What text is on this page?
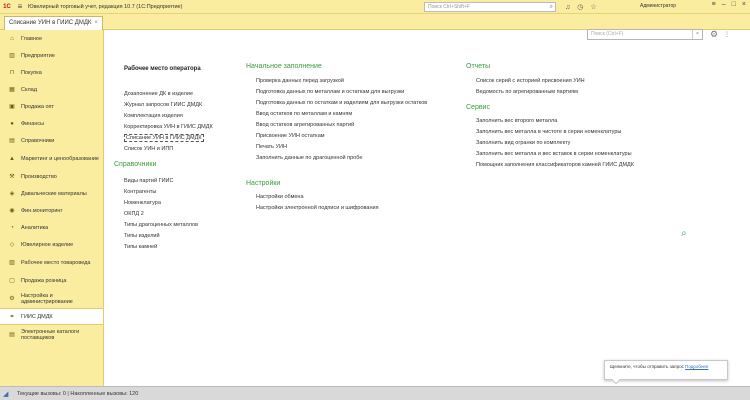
1С ≡	Ювелирный торговый учет, редакция 10.7 (1С:Предприятие)	Поиск Ctrl+Shift+F	⌕ ♫ ◷ ☆	Администратор	≡ – □ ×
Списание УИН в ГИИС ДМДК ×
⌂	Главное
▥ Предприятие
⊓	Покупка
▦ Склад
▣ Продажа опт
●	Финансы
▤ Справочники
▲ Маркетинг и ценообразование
⚒ Производство
◈	Давальческие материалы
◉ Фин.мониторинг
◔	Аналитика
◇	Ювелирное изделие
▧ Рабочее место товароведа
▢ Продажа розница
⚙
Настройка и администрирование
⚭ ГИИС ДМДК
▤
Электронные каталоги поставщиков
Поиск (Ctrl+F)	×	⚙ ⋮
Рабочее место оператора
Дозапонение ДК в изделие
Журнал запросов ГИИС ДМДК
Комплектация изделия
Корректировка УИН в ГИИС ДМДК
Списание УИН в ГИИС ДМДК
Список УИН и ИПП
Справочники
Виды партий ГИИС
Контрагенты
Номенклатура
ОКПД 2
Типы драгоценных металлов
Типы изделий
Типы камней
Начальное заполнение
Проверка данных перед загрузкой
Подготовка данных по металлам и остаткам для выгрузки
Подготовка данных по остаткам и изделиям для выгрузки остатков
Ввод остатков по металлам и камням
Ввод остатков агрегированных партий
Присвоение УИН остаткам
Печать УИН
Заполнить данные по драгоценной пробе
Настройки
Настройки обмена
Настройки электронной подписи и шифрования
Отчеты
Список серий с историей присвоения УИН
Ведомость по агрегированным партиям
Сервис
Заполнить вес второго металла
Заполнить вес металла в чистоте в серии номенклатуры
Заполнить вид огранки по комплекту
Заполнить вес металла и вес вставок в серии номенклатуры
Помощник заполнения классификаторов камней ГИИС ДМДК
⌕
Щелкните, чтобы отправить запрос Подробнее
◢	Текущие вызовы: 0 | Накопленные вызовы: 120
